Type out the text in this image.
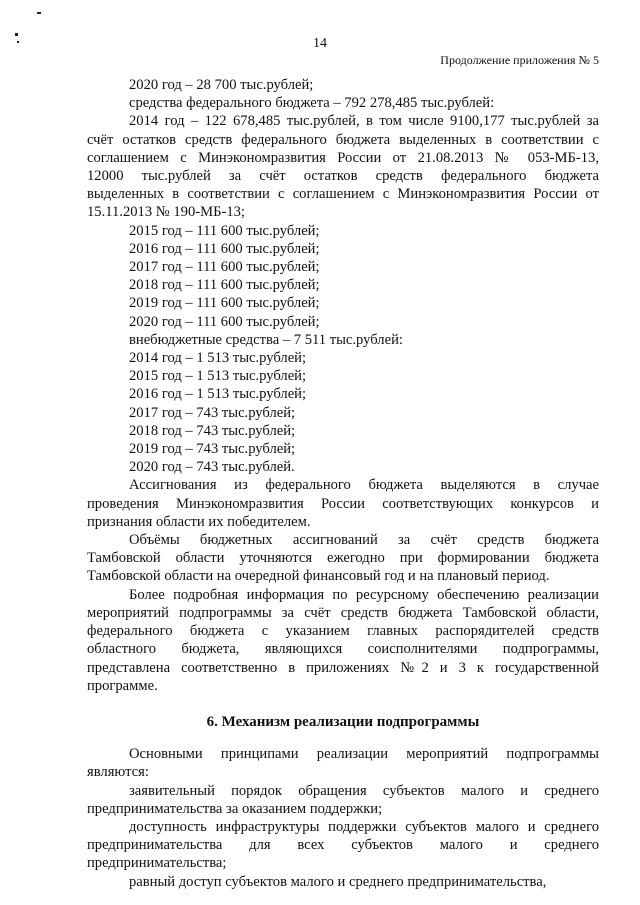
14
Продолжение приложения № 5
2020 год – 28 700 тыс.рублей;
средства федерального бюджета – 792 278,485 тыс.рублей:
2014 год – 122 678,485 тыс.рублей, в том числе 9100,177 тыс.рублей за
счёт остатков средств федерального бюджета выделенных в соответствии с
соглашением с Минэкономразвития России от 21.08.2013 № 053-МБ-13,
12000 тыс.рублей за счёт остатков средств федерального бюджета
выделенных в соответствии с соглашением с Минэкономразвития России от
15.11.2013 № 190-МБ-13;
2015 год – 111 600 тыс.рублей;
2016 год – 111 600 тыс.рублей;
2017 год – 111 600 тыс.рублей;
2018 год – 111 600 тыс.рублей;
2019 год – 111 600 тыс.рублей;
2020 год – 111 600 тыс.рублей;
внебюджетные средства – 7 511 тыс.рублей:
2014 год – 1 513 тыс.рублей;
2015 год – 1 513 тыс.рублей;
2016 год – 1 513 тыс.рублей;
2017 год – 743 тыс.рублей;
2018 год – 743 тыс.рублей;
2019 год – 743 тыс.рублей;
2020 год – 743 тыс.рублей.
Ассигнования из федерального бюджета выделяются в случае
проведения Минэкономразвития России соответствующих конкурсов и
признания области их победителем.
Объёмы бюджетных ассигнований за счёт средств бюджета
Тамбовской области уточняются ежегодно при формировании бюджета
Тамбовской области на очередной финансовый год и на плановый период.
Более подробная информация по ресурсному обеспечению реализации
мероприятий подпрограммы за счёт средств бюджета Тамбовской области,
федерального бюджета с указанием главных распорядителей средств
областного бюджета, являющихся соисполнителями подпрограммы,
представлена соответственно в приложениях №2 и 3 к государственной
программе.
6. Механизм реализации подпрограммы
Основными принципами реализации мероприятий подпрограммы
являются:
заявительный порядок обращения субъектов малого и среднего
предпринимательства за оказанием поддержки;
доступность инфраструктуры поддержки субъектов малого и среднего
предпринимательства для всех субъектов малого и среднего
предпринимательства;
равный доступ субъектов малого и среднего предпринимательства,
